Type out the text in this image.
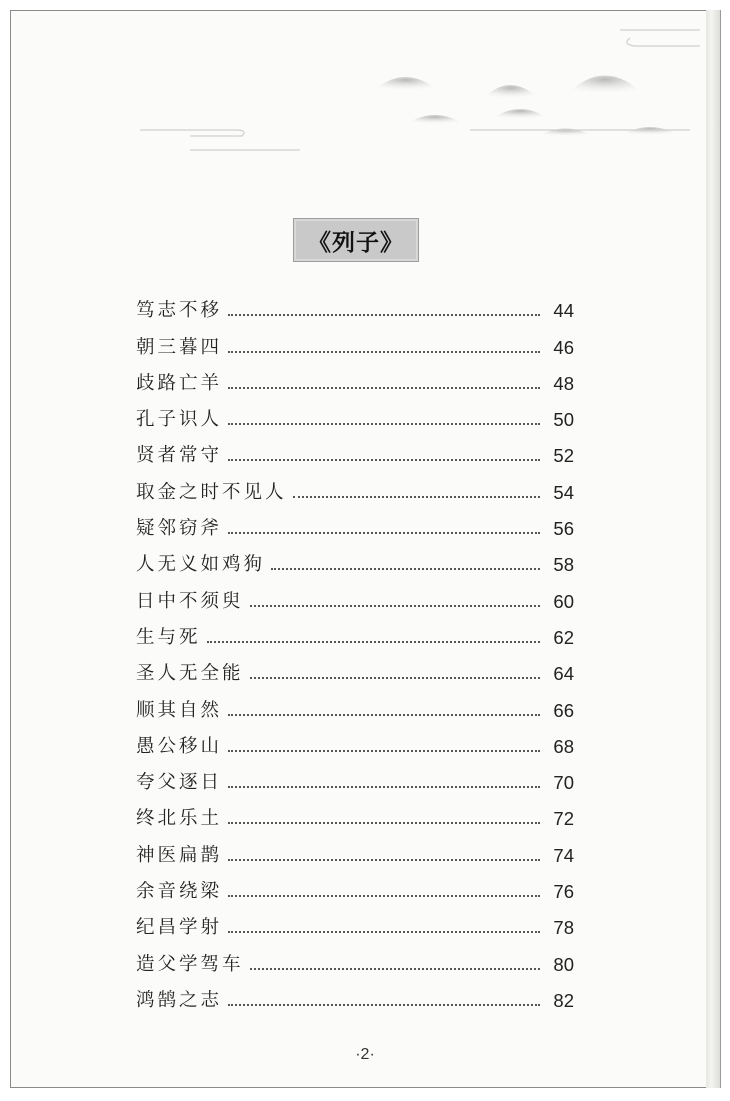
《列子》
笃志不移	44
朝三暮四	46
歧路亡羊	48
孔子识人	50
贤者常守	52
取金之时不见人	54
疑邻窃斧	56
人无义如鸡狗	58
日中不须臾	60
生与死	62
圣人无全能	64
顺其自然	66
愚公移山	68
夸父逐日	70
终北乐土	72
神医扁鹊	74
余音绕梁	76
纪昌学射	78
造父学驾车	80
鸿鹄之志	82
·2·
